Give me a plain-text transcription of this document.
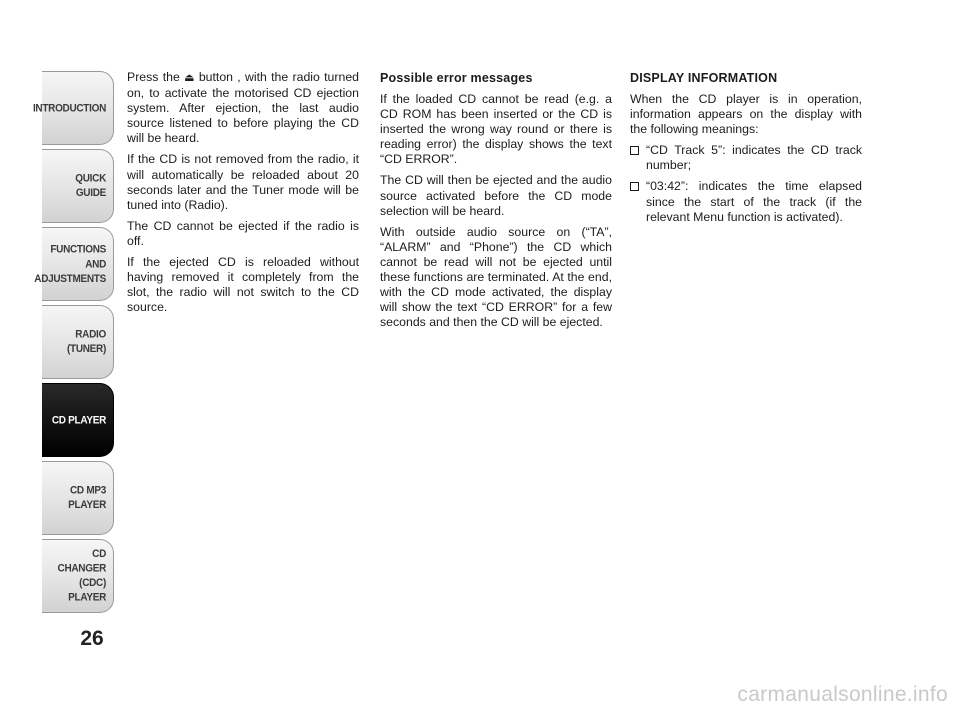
INTRODUCTION
QUICK
GUIDE
FUNCTIONS
AND
ADJUSTMENTS
RADIO
(TUNER)
CD PLAYER
CD MP3
PLAYER
CD CHANGER
(CDC) PLAYER
26

Press the ⏏ button , with the radio turned on, to activate the motorised CD ejection system. After ejection, the last audio source listened to before playing the CD will be heard.

If the CD is not removed from the radio, it will automatically be reloaded about 20 seconds later and the Tuner mode will be tuned into (Radio).

The CD cannot be ejected if the radio is off.

If the ejected CD is reloaded without having removed it completely from the slot, the radio will not switch to the CD source.

Possible error messages

If the loaded CD cannot be read (e.g. a CD ROM has been inserted or the CD is inserted the wrong way round or there is reading error) the display shows the text “CD ERROR”.

The CD will then be ejected and the audio source activated before the CD mode selection will be heard.

With outside audio source on (“TA”, “ALARM” and “Phone”) the CD which cannot be read will not be ejected until these functions are terminated. At the end, with the CD mode activated, the display will show the text “CD ERROR” for a few seconds and then the CD will be ejected.

DISPLAY INFORMATION

When the CD player is in operation, information appears on the display with the following meanings:

“CD Track 5”: indicates the CD track number;
“03:42”: indicates the time elapsed since the start of the track (if the relevant Menu function is activated).
carmanualsonline.info
